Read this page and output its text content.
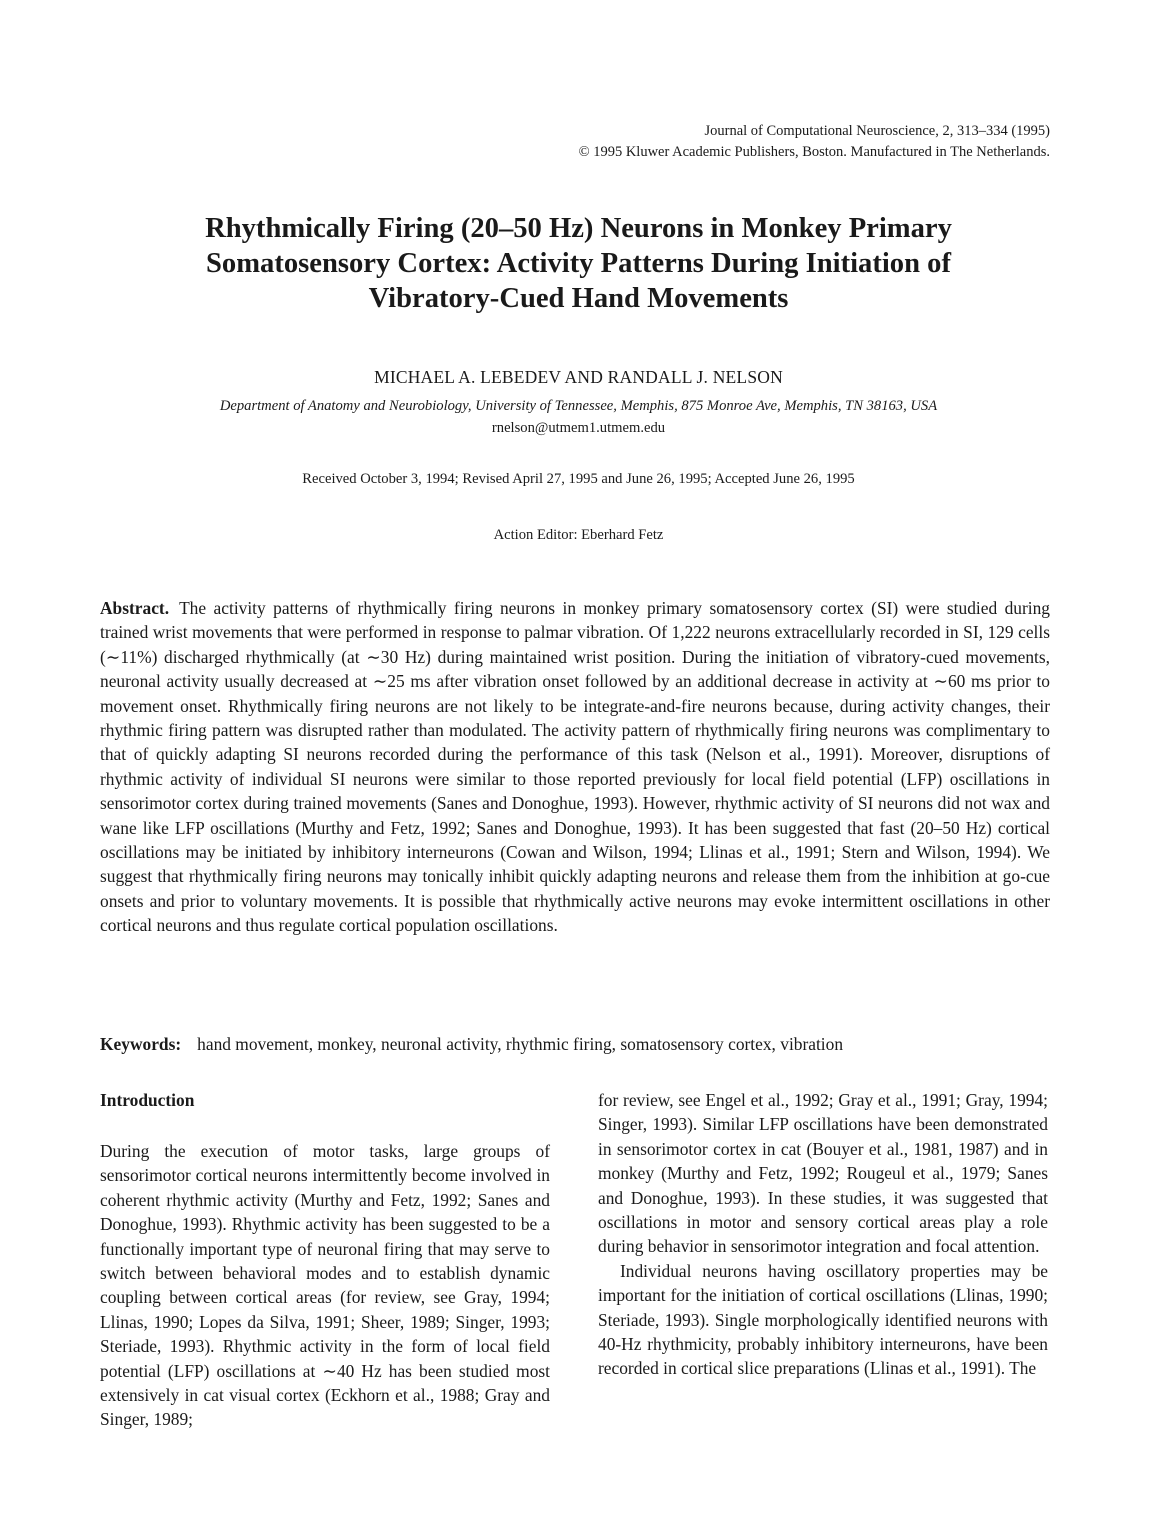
Journal of Computational Neuroscience, 2, 313–334 (1995)
© 1995 Kluwer Academic Publishers, Boston. Manufactured in The Netherlands.
Rhythmically Firing (20–50 Hz) Neurons in Monkey Primary
Somatosensory Cortex: Activity Patterns During Initiation of
Vibratory-Cued Hand Movements
MICHAEL A. LEBEDEV AND RANDALL J. NELSON
Department of Anatomy and Neurobiology, University of Tennessee, Memphis, 875 Monroe Ave, Memphis, TN 38163, USA
rnelson@utmem1.utmem.edu
Received October 3, 1994; Revised April 27, 1995 and June 26, 1995; Accepted June 26, 1995
Action Editor: Eberhard Fetz

Abstract. The activity patterns of rhythmically firing neurons in monkey primary somatosensory cortex (SI) were studied during trained wrist movements that were performed in response to palmar vibration. Of 1,222 neurons extracellularly recorded in SI, 129 cells (∼11%) discharged rhythmically (at ∼30 Hz) during maintained wrist position. During the initiation of vibratory-cued movements, neuronal activity usually decreased at ∼25 ms after vibration onset followed by an additional decrease in activity at ∼60 ms prior to movement onset. Rhythmically firing neurons are not likely to be integrate-and-fire neurons because, during activity changes, their rhythmic firing pattern was disrupted rather than modulated. The activity pattern of rhythmically firing neurons was complimentary to that of quickly adapting SI neurons recorded during the performance of this task (Nelson et al., 1991). Moreover, disruptions of rhythmic activity of individual SI neurons were similar to those reported previously for local field potential (LFP) oscillations in sensorimotor cortex during trained movements (Sanes and Donoghue, 1993). However, rhythmic activity of SI neurons did not wax and wane like LFP oscillations (Murthy and Fetz, 1992; Sanes and Donoghue, 1993). It has been suggested that fast (20–50 Hz) cortical oscillations may be initiated by inhibitory interneurons (Cowan and Wilson, 1994; Llinas et al., 1991; Stern and Wilson, 1994). We suggest that rhythmically firing neurons may tonically inhibit quickly adapting neurons and release them from the inhibition at go-cue onsets and prior to voluntary movements. It is possible that rhythmically active neurons may evoke intermittent oscillations in other cortical neurons and thus regulate cortical population oscillations.

Keywords: hand movement, monkey, neuronal activity, rhythmic firing, somatosensory cortex, vibration

Introduction

During the execution of motor tasks, large groups of sensorimotor cortical neurons intermittently become involved in coherent rhythmic activity (Murthy and Fetz, 1992; Sanes and Donoghue, 1993). Rhythmic activity has been suggested to be a functionally important type of neuronal firing that may serve to switch between behavioral modes and to establish dynamic coupling between cortical areas (for review, see Gray, 1994; Llinas, 1990; Lopes da Silva, 1991; Sheer, 1989; Singer, 1993; Steriade, 1993). Rhythmic activity in the form of local field potential (LFP) oscillations at ∼40 Hz has been studied most extensively in cat visual cortex (Eckhorn et al., 1988; Gray and Singer, 1989;

for review, see Engel et al., 1992; Gray et al., 1991; Gray, 1994; Singer, 1993). Similar LFP oscillations have been demonstrated in sensorimotor cortex in cat (Bouyer et al., 1981, 1987) and in monkey (Murthy and Fetz, 1992; Rougeul et al., 1979; Sanes and Donoghue, 1993). In these studies, it was suggested that oscillations in motor and sensory cortical areas play a role during behavior in sensorimotor integration and focal attention.

Individual neurons having oscillatory properties may be important for the initiation of cortical oscillations (Llinas, 1990; Steriade, 1993). Single morphologically identified neurons with 40-Hz rhythmicity, probably inhibitory interneurons, have been recorded in cortical slice preparations (Llinas et al., 1991). The
